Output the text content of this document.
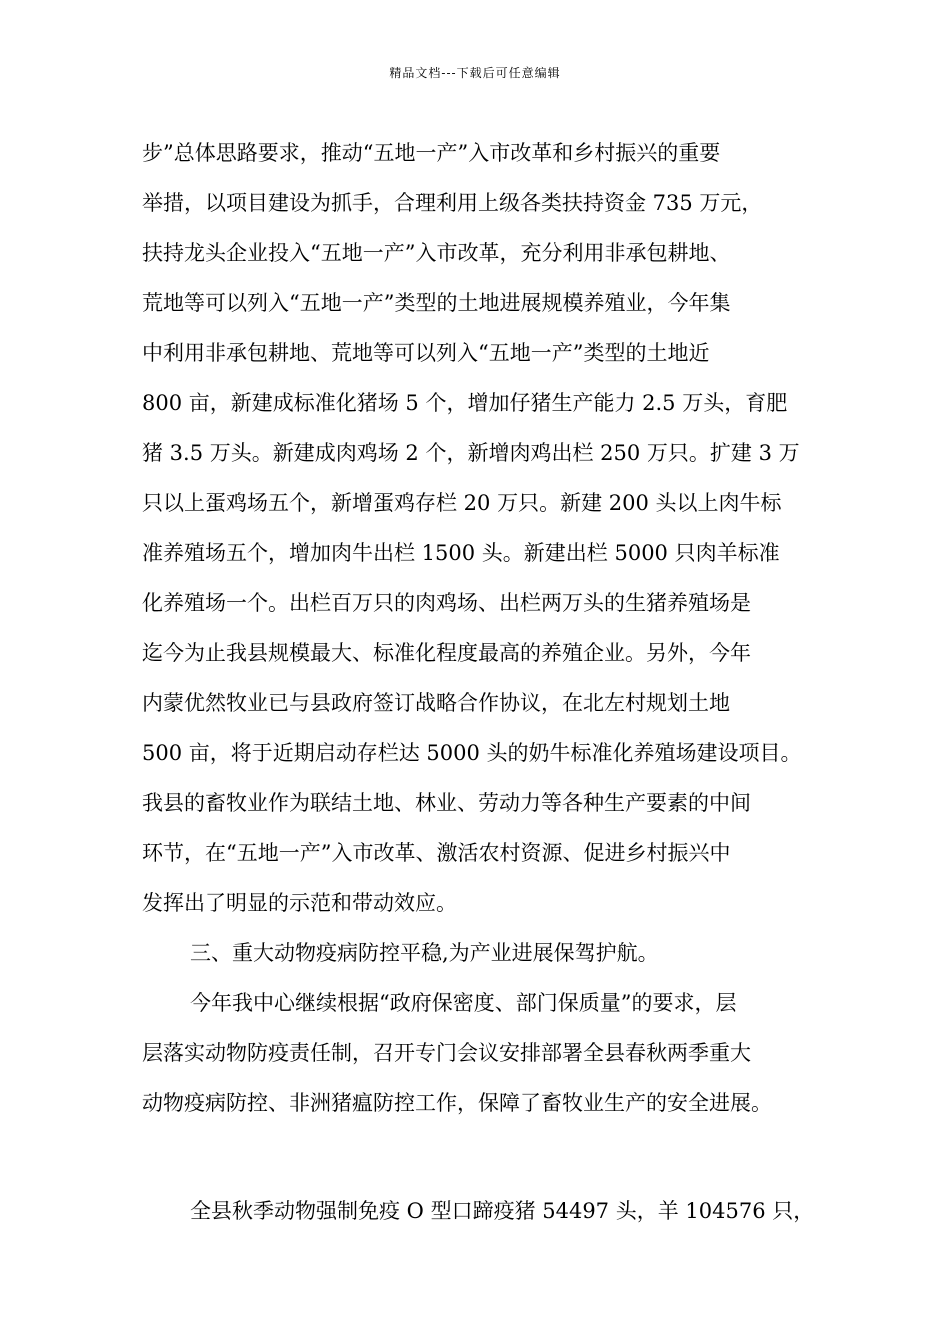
精品文档---下载后可任意编辑
步”总体思路要求，推动“五地一产”入市改革和乡村振兴的重要
举措，以项目建设为抓手，合理利用上级各类扶持资金 735 万元，
扶持龙头企业投入“五地一产”入市改革，充分利用非承包耕地、
荒地等可以列入“五地一产”类型的土地进展规模养殖业，今年集
中利用非承包耕地、荒地等可以列入“五地一产”类型的土地近
800 亩，新建成标准化猪场 5 个，增加仔猪生产能力 2.5 万头，育肥
猪 3.5 万头。新建成肉鸡场 2 个，新增肉鸡出栏 250 万只。扩建 3 万
只以上蛋鸡场五个，新增蛋鸡存栏 20 万只。新建 200 头以上肉牛标
准养殖场五个，增加肉牛出栏 1500 头。新建出栏 5000 只肉羊标准
化养殖场一个。出栏百万只的肉鸡场、出栏两万头的生猪养殖场是
迄今为止我县规模最大、标准化程度最高的养殖企业。另外，今年
内蒙优然牧业已与县政府签订战略合作协议，在北左村规划土地
500 亩，将于近期启动存栏达 5000 头的奶牛标准化养殖场建设项目。
我县的畜牧业作为联结土地、林业、劳动力等各种生产要素的中间
环节，在“五地一产”入市改革、激活农村资源、促进乡村振兴中
发挥出了明显的示范和带动效应。
三、重大动物疫病防控平稳,为产业进展保驾护航。
今年我中心继续根据“政府保密度、部门保质量”的要求，层
层落实动物防疫责任制，召开专门会议安排部署全县春秋两季重大
动物疫病防控、非洲猪瘟防控工作，保障了畜牧业生产的安全进展。
全县秋季动物强制免疫 O 型口蹄疫猪 54497 头，羊 104576 只，
